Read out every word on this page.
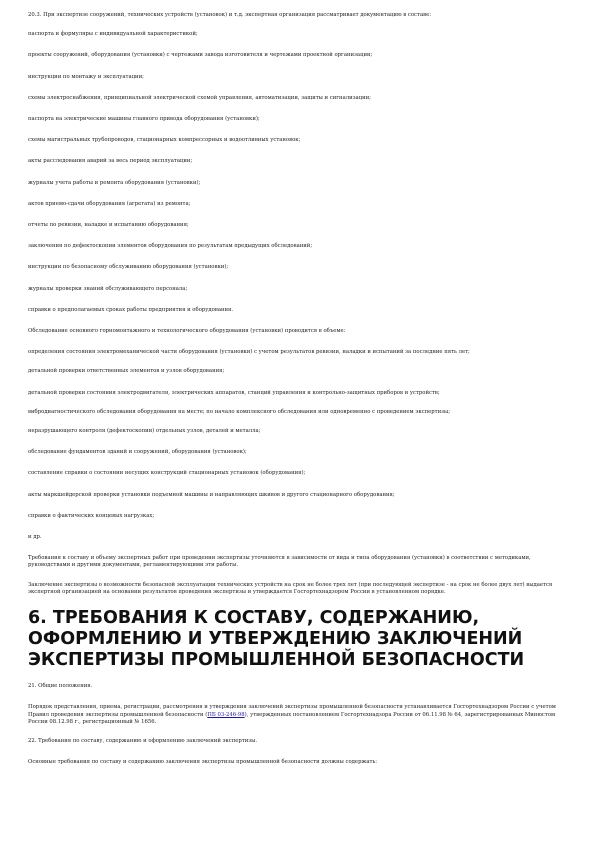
20.3. При экспертизе сооружений, технических устройств (установок) и т.д. экспертная организация рассматривает документацию в составе:

паспорта и формуляры с индивидуальной характеристикой;

проекты сооружений, оборудования (установки) с чертежами завода изготовителя и чертежами проектной организации;

инструкции по монтажу и эксплуатации;

схемы электроснабжения, принципиальной электрической схемой управления, автоматизации, защиты и сигнализации;

паспорта на электрические машины главного привода оборудования (установки);

схемы магистральных трубопроводов, стационарных компрессорных и водоотливных установок;

акты расследования аварий за весь период эксплуатации;

журналы учета работы и ремонта оборудования (установки);

актов приемо-сдачи оборудования (агрегата) из ремонта;

отчеты по ревизии, наладке и испытанию оборудования;

заключения по дефектоскопии элементов оборудования по результатам предыдущих обследований;

инструкции по безопасному обслуживанию оборудования (установки);

журналы проверки знаний обслуживающего персонала;

справки о предполагаемых сроках работы предприятия и оборудования.

Обследование основного горномонтажного и технологического оборудования (установки) проводится в объеме:

определения состояния электромеханической части оборудования (установки) с учетом результатов ревизии, наладки и испытаний за последние пять лет;

детальной проверки ответственных элементов и узлов оборудования;

детальной проверки состояния электродвигателя, электрических аппаратов, станций управления и контрольно-защитных приборов и устройств;

вибродиагностического обследования оборудования на месте; по начало комплексного обследования или одновременно с проведением экспертизы;

неразрушающего контроля (дефектоскопии) отдельных узлов, деталей и металла;

обследование фундаментов зданий и сооружений, оборудования (установок);

составление справки о состоянии несущих конструкций стационарных установок (оборудования);

акты маркшейдерской проверки установки подъемной машины и направляющих шкивов и другого стационарного оборудования;

справки о фактических концевых нагрузках;

и др.

Требования к составу и объему экспертных работ при проведении экспертизы уточняются в зависимости от вида и типа оборудования (установки) в соответствии с методиками, руководствами и другими документами, регламентирующими эти работы.

Заключение экспертизы о возможности безопасной эксплуатации технических устройств на срок не более трех лет (при последующей экспертизе - на срок не более двух лет) выдается экспертной организацией на основании результатов проведения экспертизы и утверждается Госгортехнадзором России в установленном порядке.

6. ТРЕБОВАНИЯ К СОСТАВУ, СОДЕРЖАНИЮ, ОФОРМЛЕНИЮ И УТВЕРЖДЕНИЮ ЗАКЛЮЧЕНИЙ ЭКСПЕРТИЗЫ ПРОМЫШЛЕННОЙ БЕЗОПАСНОСТИ

21. Общие положения.

Порядок представления, приема, регистрации, рассмотрения и утверждения заключений экспертизы промышленной безопасности устанавливается Госгортехнадзором России с учетом Правил проведения экспертизы промышленной безопасности (ПБ 03-246-98), утвержденных постановлением Госгортехнадзора России от 06.11.98 № 64, зарегистрированных Минюстом России 08.12.98 г., регистрационный № 1656.

22. Требования по составу, содержанию и оформлению заключений экспертизы.

Основные требования по составу и содержанию заключения экспертизы промышленной безопасности должны содержать:
